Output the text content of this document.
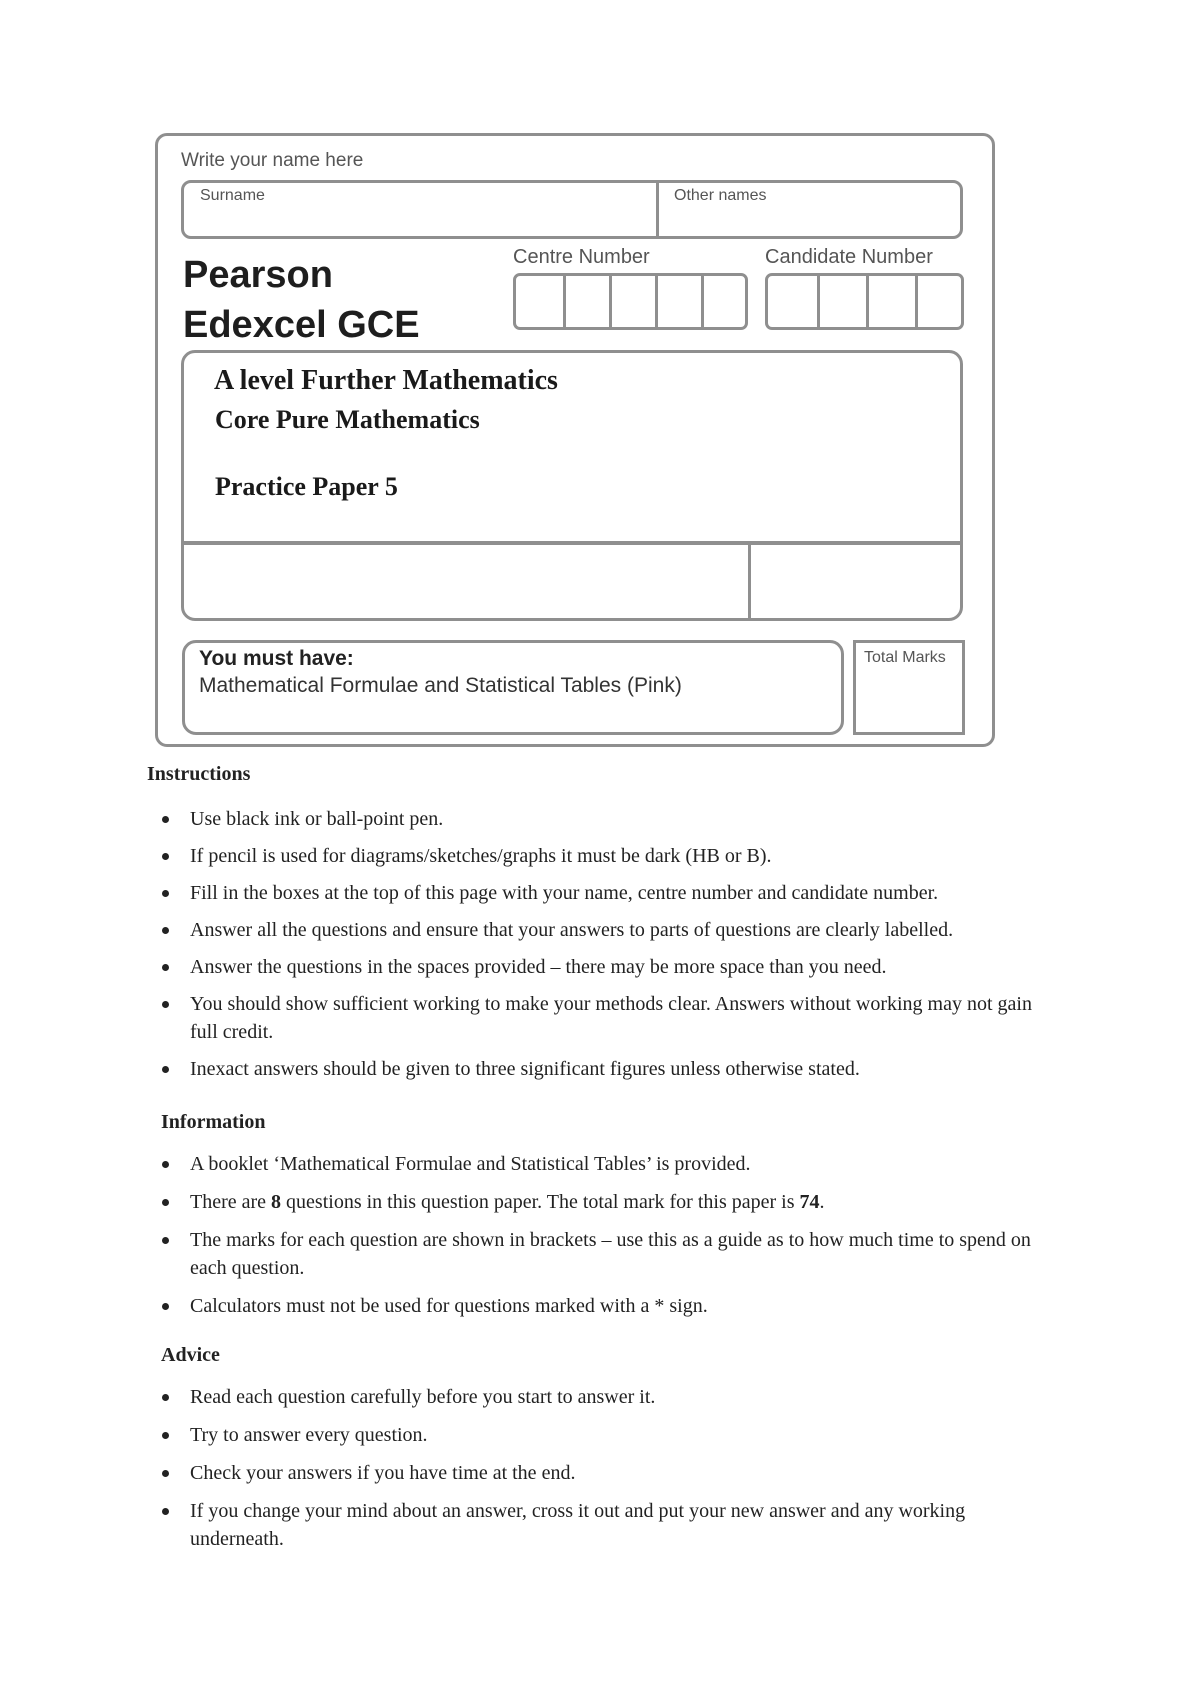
Write your name here
Surname	Other names
Pearson
Edexcel GCE
Centre Number	Candidate Number
A level Further Mathematics
Core Pure Mathematics
Practice Paper 5
You must have:
Mathematical Formulae and Statistical Tables (Pink)
Total Marks
Instructions
Use black ink or ball-point pen.
If pencil is used for diagrams/sketches/graphs it must be dark (HB or B).
Fill in the boxes at the top of this page with your name, centre number and candidate number.
Answer all the questions and ensure that your answers to parts of questions are clearly labelled.
Answer the questions in the spaces provided – there may be more space than you need.
You should show sufficient working to make your methods clear. Answers without working may not gain full credit.
Inexact answers should be given to three significant figures unless otherwise stated.
Information
A booklet ‘Mathematical Formulae and Statistical Tables’ is provided.
There are 8 questions in this question paper. The total mark for this paper is 74.
The marks for each question are shown in brackets – use this as a guide as to how much time to spend on each question.
Calculators must not be used for questions marked with a * sign.
Advice
Read each question carefully before you start to answer it.
Try to answer every question.
Check your answers if you have time at the end.
If you change your mind about an answer, cross it out and put your new answer and any working underneath.
